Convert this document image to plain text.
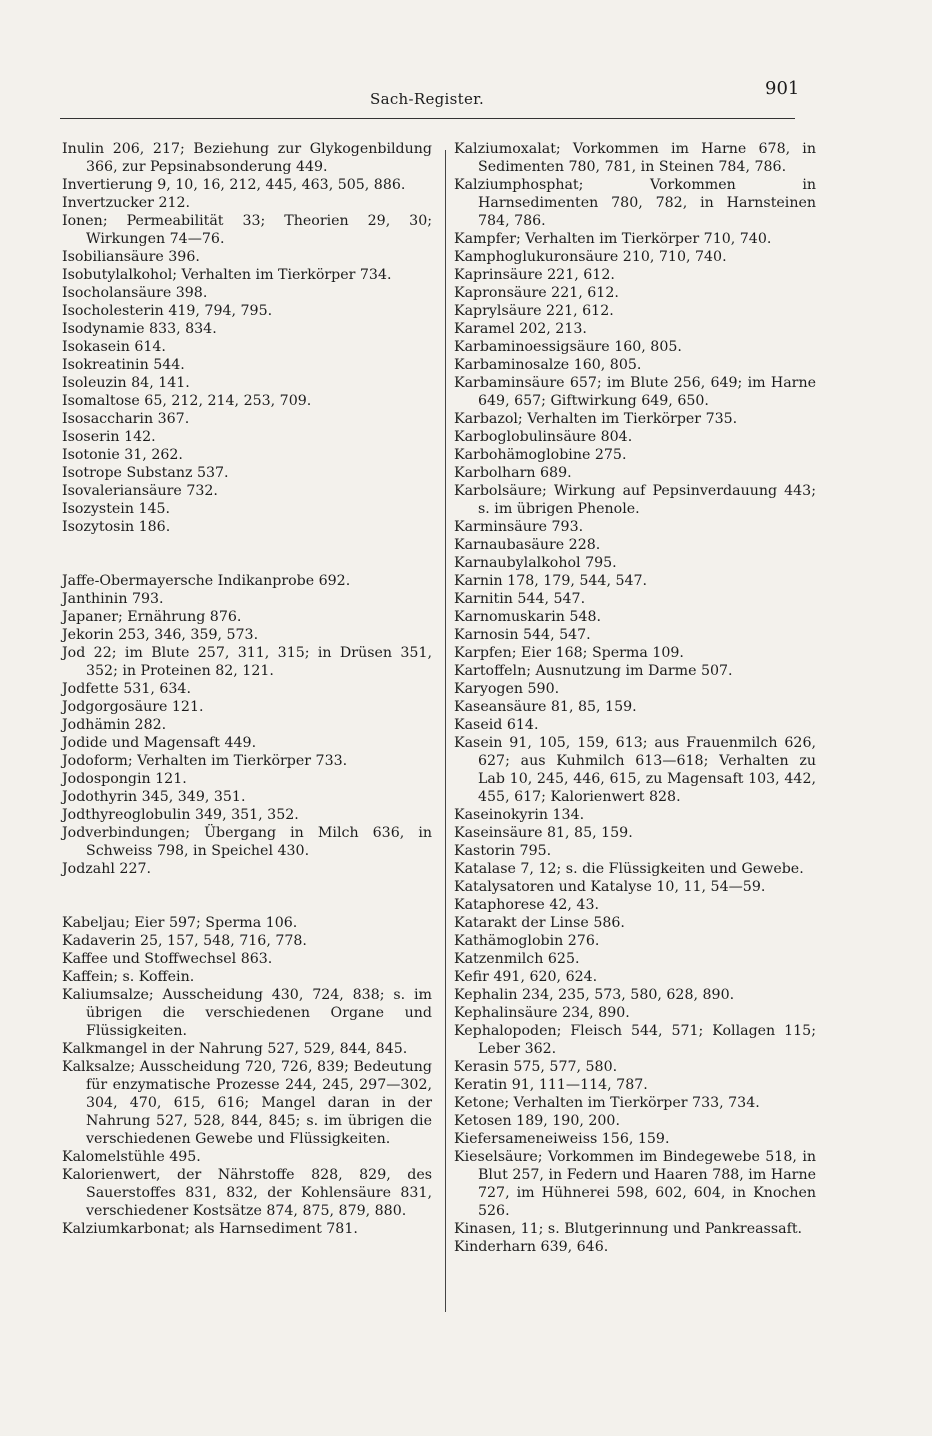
Sach-Register.	901

Inulin 206, 217; Beziehung zur Glykogenbildung 366, zur Pepsinabsonderung 449.

Invertierung 9, 10, 16, 212, 445, 463, 505, 886.

Invertzucker 212.

Ionen; Permeabilität 33; Theorien 29, 30; Wirkungen 74—76.

Isobiliansäure 396.

Isobutylalkohol; Verhalten im Tierkörper 734.

Isocholansäure 398.

Isocholesterin 419, 794, 795.

Isodynamie 833, 834.

Isokasein 614.

Isokreatinin 544.

Isoleuzin 84, 141.

Isomaltose 65, 212, 214, 253, 709.

Isosaccharin 367.

Isoserin 142.

Isotonie 31, 262.

Isotrope Substanz 537.

Isovaleriansäure 732.

Isozystein 145.

Isozytosin 186.

Jaffe-Obermayersche Indikanprobe 692.

Janthinin 793.

Japaner; Ernährung 876.

Jekorin 253, 346, 359, 573.

Jod 22; im Blute 257, 311, 315; in Drüsen 351, 352; in Proteinen 82, 121.

Jodfette 531, 634.

Jodgorgosäure 121.

Jodhämin 282.

Jodide und Magensaft 449.

Jodoform; Verhalten im Tierkörper 733.

Jodospongin 121.

Jodothyrin 345, 349, 351.

Jodthyreoglobulin 349, 351, 352.

Jodverbindungen; Übergang in Milch 636, in Schweiss 798, in Speichel 430.

Jodzahl 227.

Kabeljau; Eier 597; Sperma 106.

Kadaverin 25, 157, 548, 716, 778.

Kaffee und Stoffwechsel 863.

Kaffein; s. Koffein.

Kaliumsalze; Ausscheidung 430, 724, 838; s. im übrigen die verschiedenen Organe und Flüssigkeiten.

Kalkmangel in der Nahrung 527, 529, 844, 845.

Kalksalze; Ausscheidung 720, 726, 839; Bedeutung für enzymatische Prozesse 244, 245, 297—302, 304, 470, 615, 616; Mangel daran in der Nahrung 527, 528, 844, 845; s. im übrigen die verschiedenen Gewebe und Flüssigkeiten.

Kalomelstühle 495.

Kalorienwert, der Nährstoffe 828, 829, des Sauerstoffes 831, 832, der Kohlensäure 831, verschiedener Kostsätze 874, 875, 879, 880.

Kalziumkarbonat; als Harnsediment 781.

Kalziumoxalat; Vorkommen im Harne 678, in Sedimenten 780, 781, in Steinen 784, 786.

Kalziumphosphat; Vorkommen in Harnsedimenten 780, 782, in Harnsteinen 784, 786.

Kampfer; Verhalten im Tierkörper 710, 740.

Kamphoglukuronsäure 210, 710, 740.

Kaprinsäure 221, 612.

Kapronsäure 221, 612.

Kaprylsäure 221, 612.

Karamel 202, 213.

Karbaminoessigsäure 160, 805.

Karbaminosalze 160, 805.

Karbaminsäure 657; im Blute 256, 649; im Harne 649, 657; Giftwirkung 649, 650.

Karbazol; Verhalten im Tierkörper 735.

Karboglobulinsäure 804.

Karbohämoglobine 275.

Karbolharn 689.

Karbolsäure; Wirkung auf Pepsinverdauung 443; s. im übrigen Phenole.

Karminsäure 793.

Karnaubasäure 228.

Karnaubylalkohol 795.

Karnin 178, 179, 544, 547.

Karnitin 544, 547.

Karnomuskarin 548.

Karnosin 544, 547.

Karpfen; Eier 168; Sperma 109.

Kartoffeln; Ausnutzung im Darme 507.

Karyogen 590.

Kaseansäure 81, 85, 159.

Kaseid 614.

Kasein 91, 105, 159, 613; aus Frauenmilch 626, 627; aus Kuhmilch 613—618; Verhalten zu Lab 10, 245, 446, 615, zu Magensaft 103, 442, 455, 617; Kalorienwert 828.

Kaseinokyrin 134.

Kaseinsäure 81, 85, 159.

Kastorin 795.

Katalase 7, 12; s. die Flüssigkeiten und Gewebe.

Katalysatoren und Katalyse 10, 11, 54—59.

Kataphorese 42, 43.

Katarakt der Linse 586.

Kathämoglobin 276.

Katzenmilch 625.

Kefir 491, 620, 624.

Kephalin 234, 235, 573, 580, 628, 890.

Kephalinsäure 234, 890.

Kephalopoden; Fleisch 544, 571; Kollagen 115; Leber 362.

Kerasin 575, 577, 580.

Keratin 91, 111—114, 787.

Ketone; Verhalten im Tierkörper 733, 734.

Ketosen 189, 190, 200.

Kiefersameneiweiss 156, 159.

Kieselsäure; Vorkommen im Bindegewebe 518, in Blut 257, in Federn und Haaren 788, im Harne 727, im Hühnerei 598, 602, 604, in Knochen 526.

Kinasen, 11; s. Blutgerinnung und Pankreassaft.

Kinderharn 639, 646.
